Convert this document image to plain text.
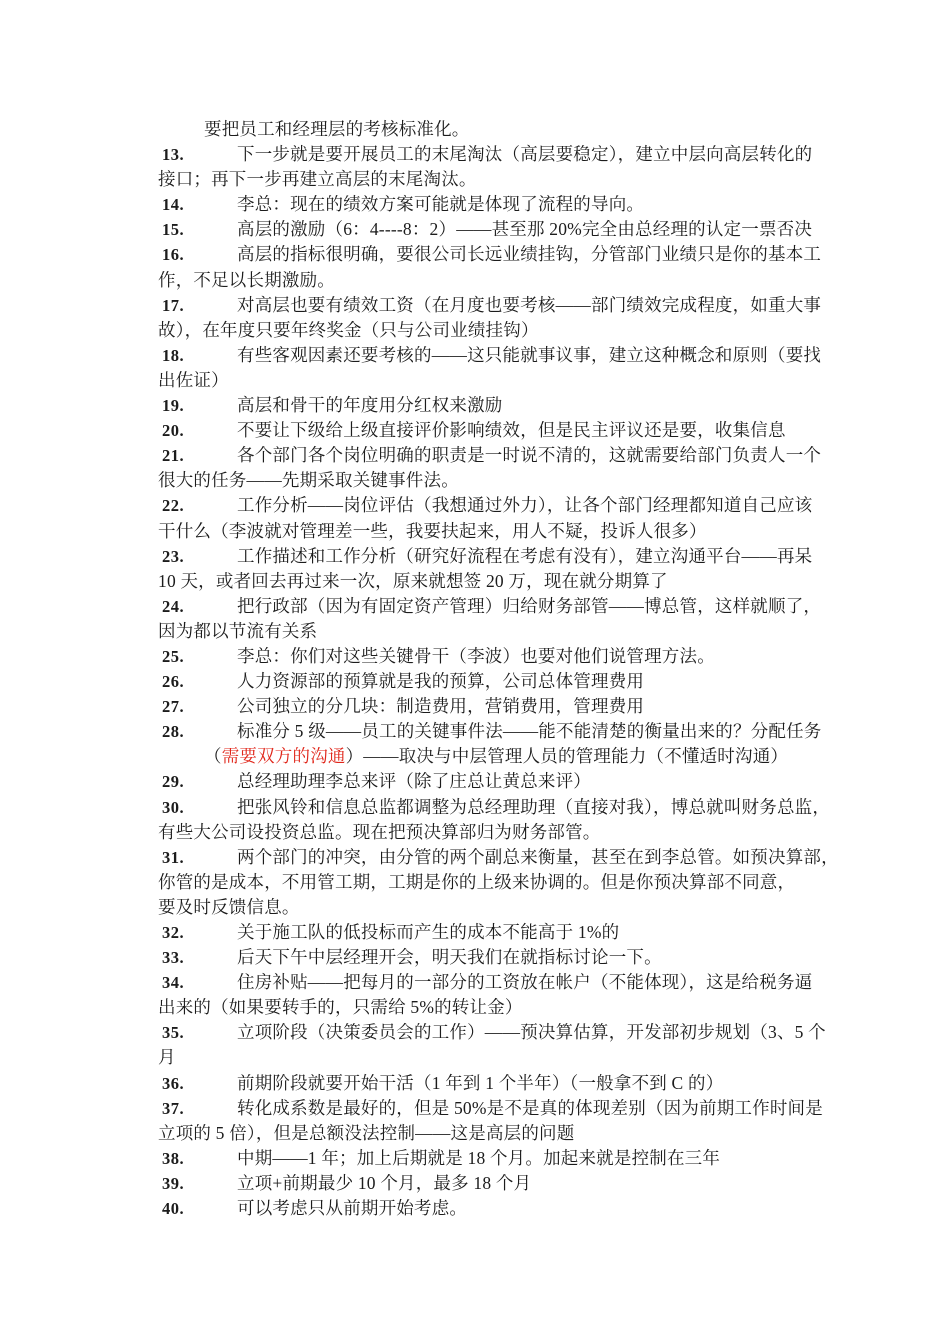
要把员工和经理层的考核标准化。
13.	下一步就是要开展员工的末尾淘汰（高层要稳定），建立中层向高层转化的
接口；再下一步再建立高层的末尾淘汰。
14.	李总：现在的绩效方案可能就是体现了流程的导向。
15.	高层的激励（6：4----8：2）——甚至那 20%完全由总经理的认定一票否决
16.	高层的指标很明确，要很公司长远业绩挂钩，分管部门业绩只是你的基本工
作，不足以长期激励。
17.	对高层也要有绩效工资（在月度也要考核——部门绩效完成程度，如重大事
故），在年度只要年终奖金（只与公司业绩挂钩）
18.	有些客观因素还要考核的——这只能就事议事，建立这种概念和原则（要找
出佐证）
19.	高层和骨干的年度用分红权来激励
20.	不要让下级给上级直接评价影响绩效，但是民主评议还是要，收集信息
21.	各个部门各个岗位明确的职责是一时说不清的，这就需要给部门负责人一个
很大的任务——先期采取关键事件法。
22.	工作分析——岗位评估（我想通过外力），让各个部门经理都知道自己应该
干什么（李波就对管理差一些，我要扶起来，用人不疑，投诉人很多）
23.	工作描述和工作分析（研究好流程在考虑有没有），建立沟通平台——再呆
10 天，或者回去再过来一次，原来就想签 20 万，现在就分期算了
24.	把行政部（因为有固定资产管理）归给财务部管——博总管，这样就顺了，
因为都以节流有关系
25.	李总：你们对这些关键骨干（李波）也要对他们说管理方法。
26.	人力资源部的预算就是我的预算，公司总体管理费用
27.	公司独立的分几块：制造费用，营销费用，管理费用
28.	标准分 5 级——员工的关键事件法——能不能清楚的衡量出来的？分配任务
（需要双方的沟通）——取决与中层管理人员的管理能力（不懂适时沟通）
29.	总经理助理李总来评（除了庄总让黄总来评）
30.	把张风铃和信息总监都调整为总经理助理（直接对我），博总就叫财务总监，
有些大公司设投资总监。现在把预决算部归为财务部管。
31.	两个部门的冲突，由分管的两个副总来衡量，甚至在到李总管。如预决算部，
你管的是成本，不用管工期，工期是你的上级来协调的。但是你预决算部不同意，
要及时反馈信息。
32.	关于施工队的低投标而产生的成本不能高于 1%的
33.	后天下午中层经理开会，明天我们在就指标讨论一下。
34.	住房补贴——把每月的一部分的工资放在帐户（不能体现），这是给税务逼
出来的（如果要转手的，只需给 5%的转让金）
35.	立项阶段（决策委员会的工作）——预决算估算，开发部初步规划（3、5 个
月
36.	前期阶段就要开始干活（1 年到 1 个半年）（一般拿不到 C 的）
37.	转化成系数是最好的，但是 50%是不是真的体现差别（因为前期工作时间是
立项的 5 倍），但是总额没法控制——这是高层的问题
38.	中期——1 年；加上后期就是 18 个月。加起来就是控制在三年
39.	立项+前期最少 10 个月，最多 18 个月
40.	可以考虑只从前期开始考虑。
